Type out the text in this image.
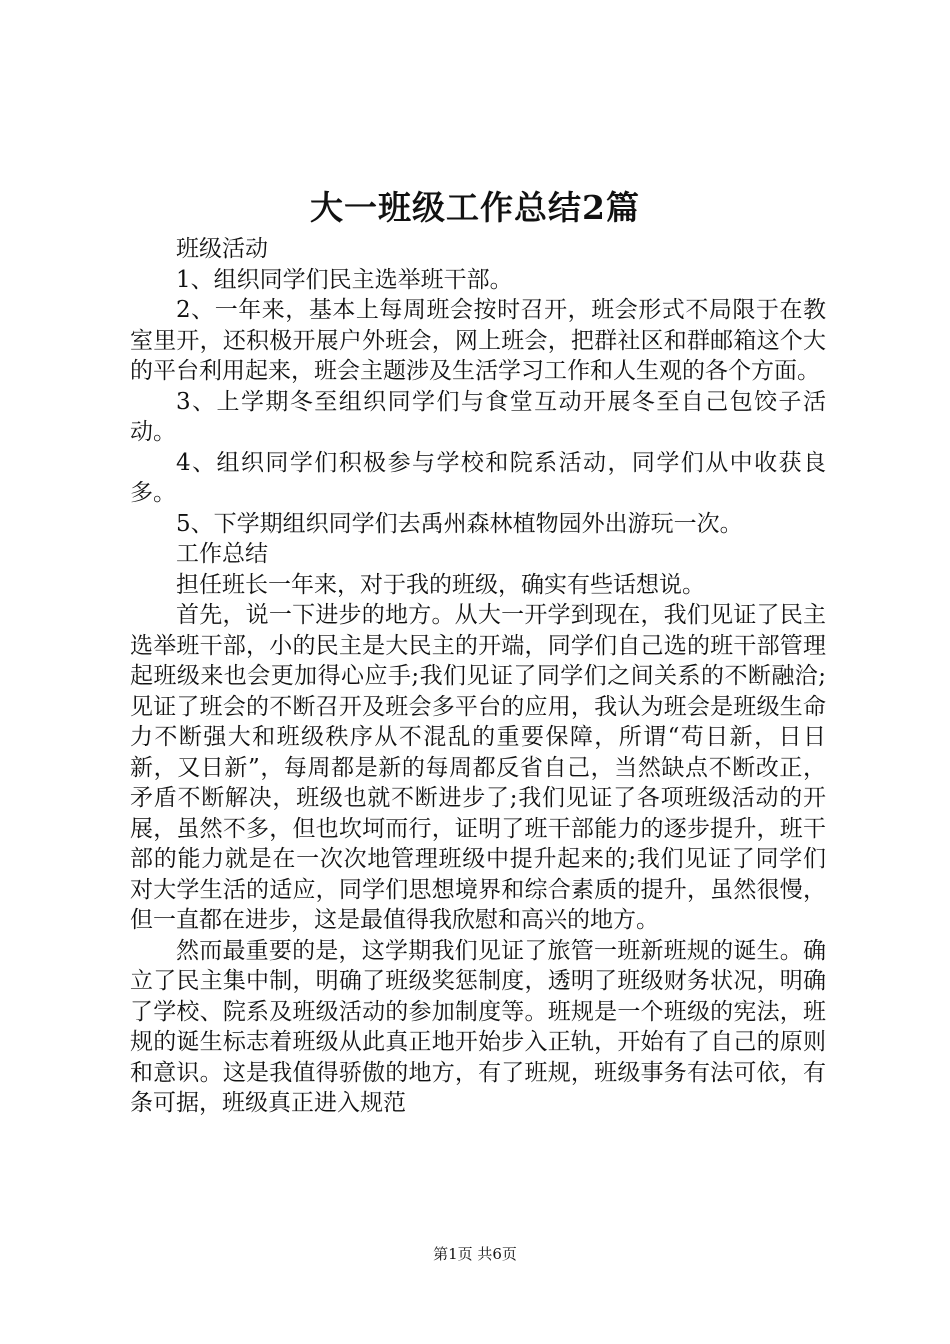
大一班级工作总结2篇

班级活动

1、组织同学们民主选举班干部。

2、一年来，基本上每周班会按时召开，班会形式不局限于在教室里开，还积极开展户外班会，网上班会，把群社区和群邮箱这个大的平台利用起来，班会主题涉及生活学习工作和人生观的各个方面。

3、上学期冬至组织同学们与食堂互动开展冬至自己包饺子活动。

4、组织同学们积极参与学校和院系活动，同学们从中收获良多。

5、下学期组织同学们去禹州森林植物园外出游玩一次。

工作总结

担任班长一年来，对于我的班级，确实有些话想说。

首先，说一下进步的地方。从大一开学到现在，我们见证了民主选举班干部，小的民主是大民主的开端，同学们自己选的班干部管理起班级来也会更加得心应手;我们见证了同学们之间关系的不断融洽;见证了班会的不断召开及班会多平台的应用，我认为班会是班级生命力不断强大和班级秩序从不混乱的重要保障，所谓“苟日新，日日新，又日新”，每周都是新的每周都反省自己，当然缺点不断改正，矛盾不断解决，班级也就不断进步了;我们见证了各项班级活动的开展，虽然不多，但也坎坷而行，证明了班干部能力的逐步提升，班干部的能力就是在一次次地管理班级中提升起来的;我们见证了同学们对大学生活的适应，同学们思想境界和综合素质的提升，虽然很慢，但一直都在进步，这是最值得我欣慰和高兴的地方。

然而最重要的是，这学期我们见证了旅管一班新班规的诞生。确立了民主集中制，明确了班级奖惩制度，透明了班级财务状况，明确了学校、院系及班级活动的参加制度等。班规是一个班级的宪法，班规的诞生标志着班级从此真正地开始步入正轨，开始有了自己的原则和意识。这是我值得骄傲的地方，有了班规，班级事务有法可依，有条可据，班级真正进入规范

第1页 共6页
